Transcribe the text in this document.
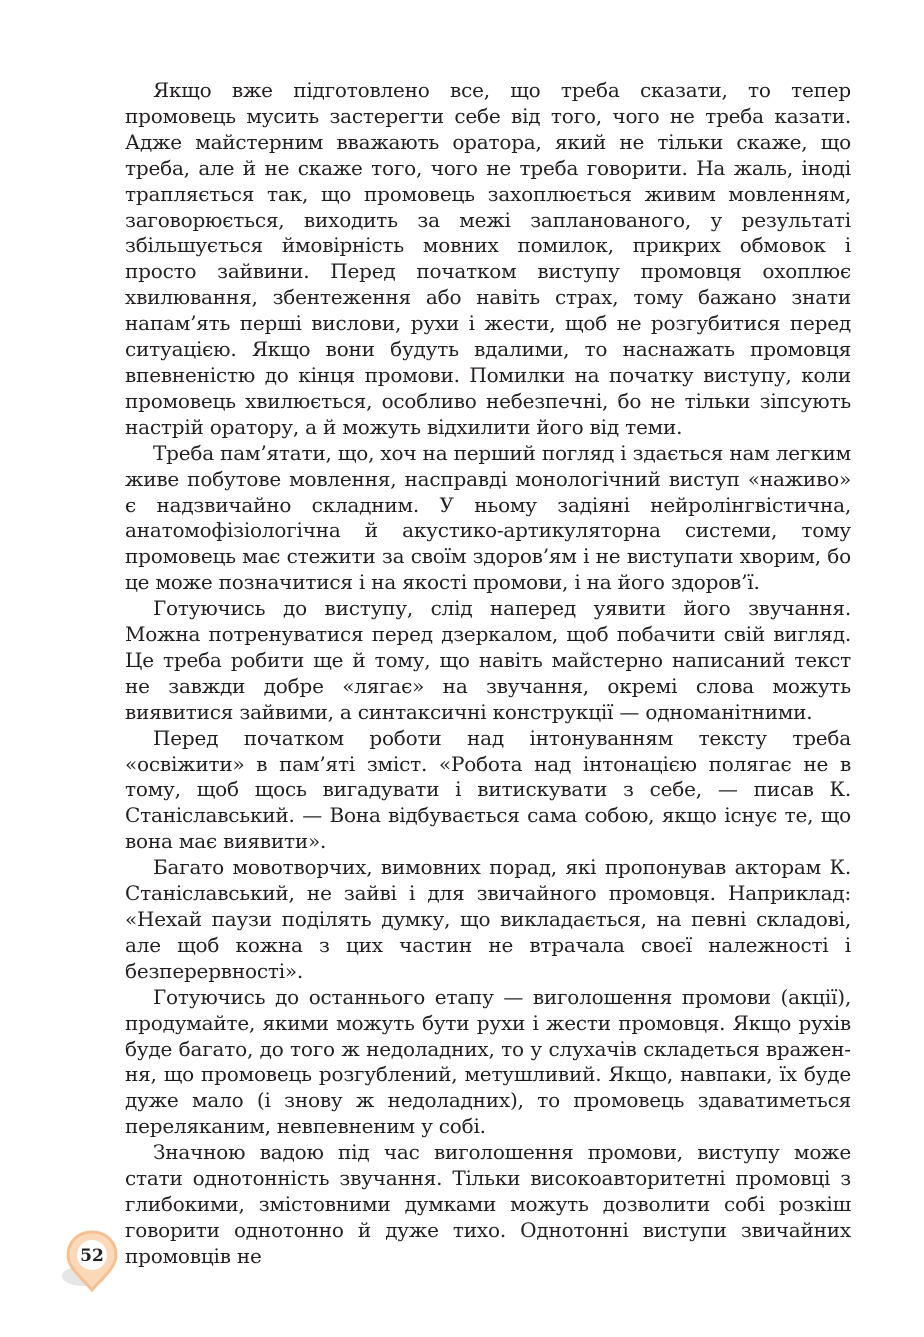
Якщо вже підготовлено все, що треба сказати, то тепер промовець мусить застерегти себе від того, чого не треба казати. Адже майстерним вважають оратора, який не тільки скаже, що треба, але й не скаже того, чого не треба говорити. На жаль, іноді трапляється так, що промовець захоплюється живим мовленням, заговорюється, виходить за межі запланованого, у результаті збільшується ймовірність мовних помилок, прикрих обмовок і просто зайвини. Перед початком виступу промовця охоплює хвилювання, збентеження або навіть страх, тому бажано знати напам’ять перші вислови, рухи і жести, щоб не розгубитися перед ситуацією. Якщо вони будуть вдалими, то наснажать промовця впевненістю до кінця промови. Помилки на початку виступу, коли промовець хвилюється, особливо небезпечні, бо не тільки зіпсують настрій оратору, а й можуть відхилити його від теми.

Треба пам’ятати, що, хоч на перший погляд і здається нам легким живе побутове мовлення, насправді монологічний виступ «наживо» є надзвичайно складним. У ньому задіяні нейролінгвістична, анатомофізіологічна й акустико-артикуляторна системи, тому промовець має стежити за своїм здоров’ям і не виступати хворим, бо це може позначитися і на якості промови, і на його здоров’ї.

Готуючись до виступу, слід наперед уявити його звучання. Можна потренуватися перед дзеркалом, щоб побачити свій вигляд. Це треба робити ще й тому, що навіть майстерно написаний текст не завжди добре «лягає» на звучання, окремі слова можуть виявитися зайвими, а синтаксичні конструкції — одноманітними.

Перед початком роботи над інтонуванням тексту треба «освіжити» в пам’яті зміст. «Робота над інтонацією полягає не в тому, щоб щось вигадувати і витискувати з себе, — писав К. Станіславський. — Вона відбувається сама собою, якщо існує те, що вона має виявити».

Багато мовотворчих, вимовних порад, які пропонував акторам К. Станіславський, не зайві і для звичайного промовця. Наприклад: «Нехай паузи поділять думку, що викладається, на певні складові, але щоб кожна з цих частин не втрачала своєї належності і безперервності».

Готуючись до останнього етапу — виголошення промови (акції), продумайте, якими можуть бути рухи і жести промовця. Якщо рухів буде багато, до того ж недоладних, то у слухачів складеться враження, що промовець розгублений, метушливий. Якщо, навпаки, їх буде дуже мало (і знову ж недоладних), то промовець здаватиметься переляканим, невпевненим у собі.

Значною вадою під час виголошення промови, виступу може стати однотонність звучання. Тільки високоавторитетні промовці з глибокими, змістовними думками можуть дозволити собі розкіш говорити однотонно й дуже тихо. Однотонні виступи звичайних промовців не

52
